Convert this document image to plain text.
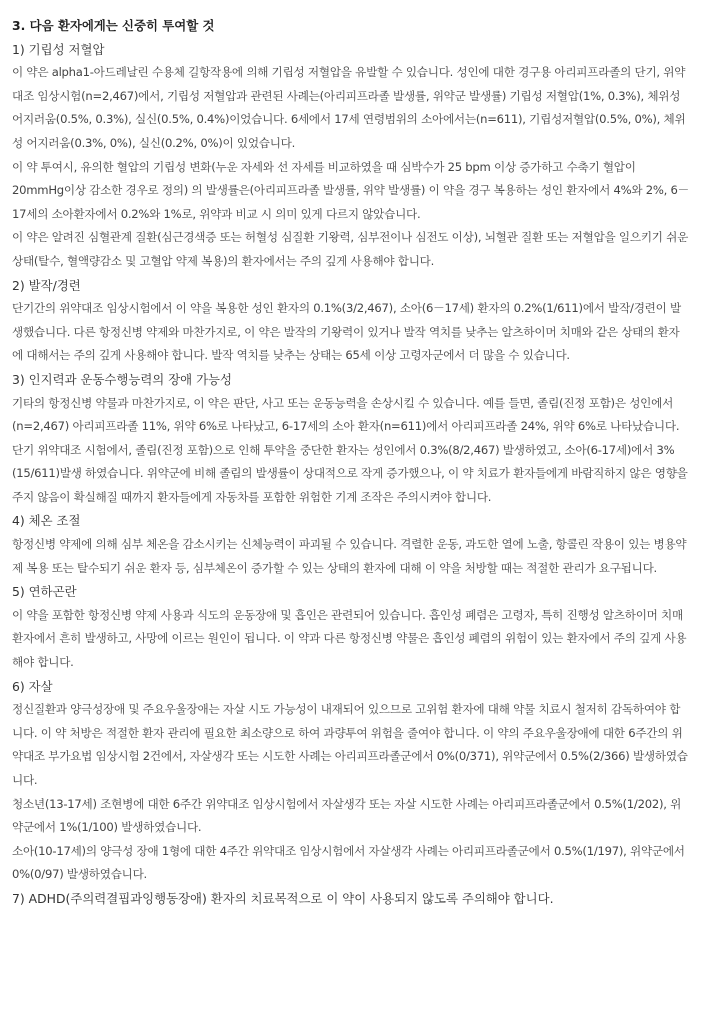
3. 다음 환자에게는 신중히 투여할 것
1) 기립성 저혈압

이 약은 alpha1-아드레날린 수용체 길항작용에 의해 기립성 저혈압을 유발할 수 있습니다. 성인에 대한 경구용 아리피프라졸의 단기, 위약대조 임상시험(n=2,467)에서, 기립성 저혈압과 관련된 사례는(아리피프라졸 발생률, 위약군 발생률) 기립성 저혈압(1%, 0.3%), 체위성 어지러움(0.5%, 0.3%), 실신(0.5%, 0.4%)이었습니다. 6세에서 17세 연령범위의 소아에서는(n=611), 기립성저혈압(0.5%, 0%), 체위성 어지러움(0.3%, 0%), 실신(0.2%, 0%)이 있었습니다.

이 약 투여시, 유의한 혈압의 기립성 변화(누운 자세와 선 자세를 비교하였을 때 심박수가 25 bpm 이상 증가하고 수축기 혈압이 20mmHg이상 감소한 경우로 정의) 의 발생률은(아리피프라졸 발생률, 위약 발생률) 이 약을 경구 복용하는 성인 환자에서 4%와 2%, 6－17세의 소아환자에서 0.2%와 1%로, 위약과 비교 시 의미 있게 다르지 않았습니다.

이 약은 알려진 심혈관계 질환(심근경색증 또는 허혈성 심질환 기왕력, 심부전이나 심전도 이상), 뇌혈관 질환 또는 저혈압을 일으키기 쉬운 상태(탈수, 혈액량감소 및 고혈압 약제 복용)의 환자에서는 주의 깊게 사용해야 합니다.

2) 발작/경련

단기간의 위약대조 임상시험에서 이 약을 복용한 성인 환자의 0.1%(3/2,467), 소아(6－17세) 환자의 0.2%(1/611)에서 발작/경련이 발생했습니다. 다른 항정신병 약제와 마찬가지로, 이 약은 발작의 기왕력이 있거나 발작 역치를 낮추는 알츠하이머 치매와 같은 상태의 환자에 대해서는 주의 깊게 사용해야 합니다. 발작 역치를 낮추는 상태는 65세 이상 고령자군에서 더 많을 수 있습니다.

3) 인지력과 운동수행능력의 장애 가능성

기타의 항정신병 약물과 마찬가지로, 이 약은 판단, 사고 또는 운동능력을 손상시킬 수 있습니다. 예를 들면, 졸림(진정 포함)은 성인에서(n=2,467) 아리피프라졸 11%, 위약 6%로 나타났고, 6-17세의 소아 환자(n=611)에서 아리피프라졸 24%, 위약 6%로 나타났습니다. 단기 위약대조 시험에서, 졸림(진정 포함)으로 인해 투약을 중단한 환자는 성인에서 0.3%(8/2,467) 발생하였고, 소아(6-17세)에서 3%(15/611)발생 하였습니다. 위약군에 비해 졸림의 발생률이 상대적으로 작게 증가했으나, 이 약 치료가 환자들에게 바람직하지 않은 영향을 주지 않음이 확실해질 때까지 환자들에게 자동차를 포함한 위험한 기계 조작은 주의시켜야 합니다.

4) 체온 조절

항정신병 약제에 의해 심부 체온을 감소시키는 신체능력이 파괴될 수 있습니다. 격렬한 운동, 과도한 열에 노출, 항콜린 작용이 있는 병용약제 복용 또는 탈수되기 쉬운 환자 등, 심부체온이 증가할 수 있는 상태의 환자에 대해 이 약을 처방할 때는 적절한 관리가 요구됩니다.

5) 연하곤란

이 약을 포함한 항정신병 약제 사용과 식도의 운동장애 및 흡인은 관련되어 있습니다. 흡인성 폐렴은 고령자, 특히 진행성 알츠하이머 치매 환자에서 흔히 발생하고, 사망에 이르는 원인이 됩니다. 이 약과 다른 항정신병 약물은 흡인성 폐렴의 위험이 있는 환자에서 주의 깊게 사용해야 합니다.

6) 자살

정신질환과 양극성장애 및 주요우울장애는 자살 시도 가능성이 내재되어 있으므로 고위험 환자에 대해 약물 치료시 철저히 감독하여야 합니다. 이 약 처방은 적절한 환자 관리에 필요한 최소량으로 하여 과량투여 위험을 줄여야 합니다. 이 약의 주요우울장애에 대한 6주간의 위약대조 부가요법 임상시험 2건에서, 자살생각 또는 시도한 사례는 아리피프라졸군에서 0%(0/371), 위약군에서 0.5%(2/366) 발생하였습니다.

청소년(13-17세) 조현병에 대한 6주간 위약대조 임상시험에서 자살생각 또는 자살 시도한 사례는 아리피프라졸군에서 0.5%(1/202), 위약군에서 1%(1/100) 발생하였습니다.

소아(10-17세)의 양극성 장애 1형에 대한 4주간 위약대조 임상시험에서 자살생각 사례는 아리피프라졸군에서 0.5%(1/197), 위약군에서 0%(0/97) 발생하였습니다.

7) ADHD(주의력결핍과잉행동장애) 환자의 치료목적으로 이 약이 사용되지 않도록 주의해야 합니다.
